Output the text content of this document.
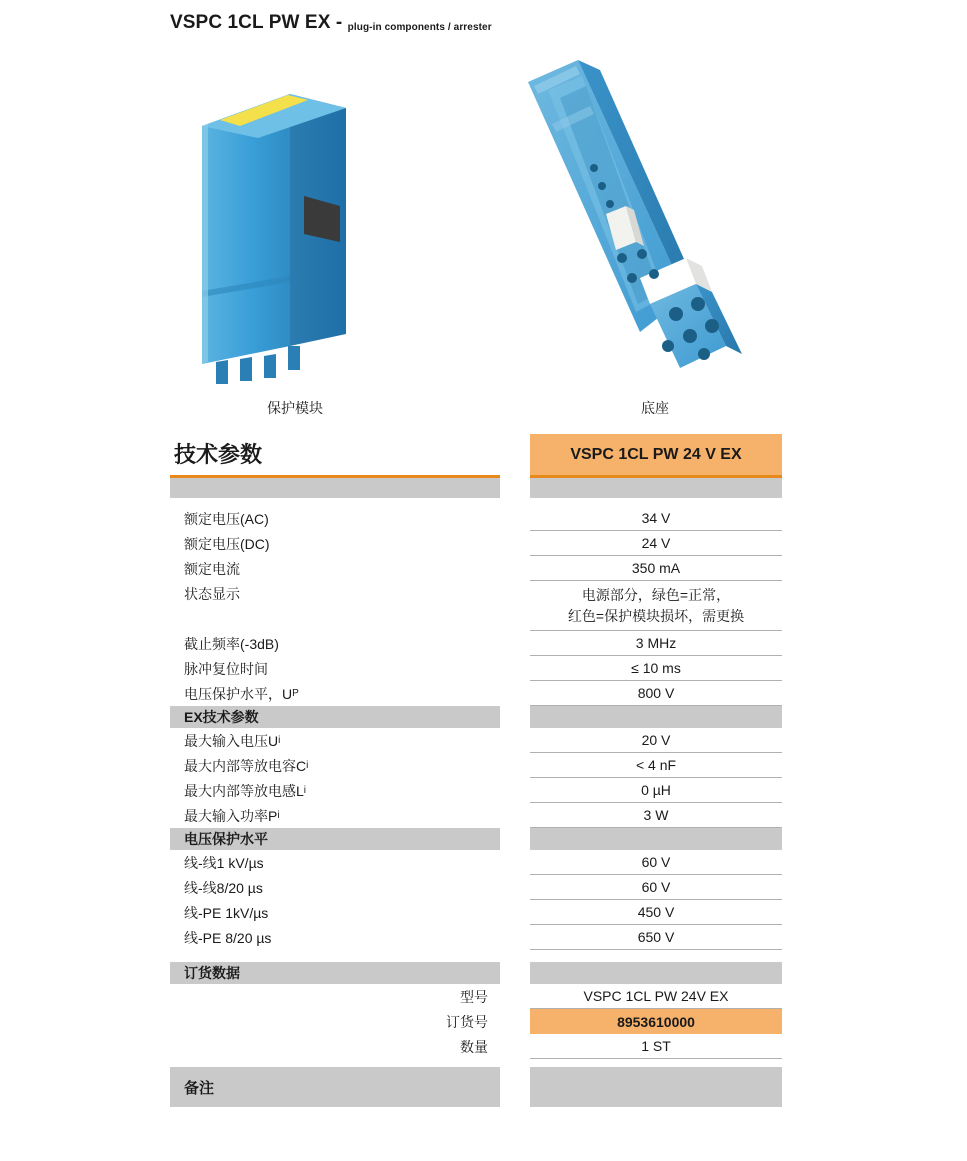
VSPC 1CL PW EX - $_{plug-in components / arrester}$
保护模块	底座
技术参数
额定电压(AC)
额定电压(DC)
额定电流
状态显示
截止频率(-3dB)
脉冲复位时间
电压保护水平，U P
EX技术参数
最大输入电压U i
最大内部等放电容C i
最大内部等放电感L i
最大输入功率P i
电压保护水平
线-线1 kV/µs
线-线8/20 µs
线-PE 1kV/µs
线-PE 8/20 µs
订货数据
型号
订货号
数量
备注
VSPC 1CL PW 24 V EX
34 V
24 V
350 mA
电源部分，绿色=正常，
红色=保护模块损坏，需更换
3 MHz
≤ 10 ms
800 V
20 V
< 4 nF
0 µH
3 W
60 V
60 V
450 V
650 V
VSPC 1CL PW 24V EX
8953610000
1 ST
